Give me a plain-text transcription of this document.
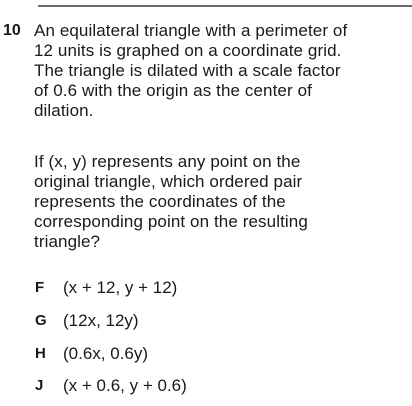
10 An equilateral triangle with a perimeter of
12 units is graphed on a coordinate grid.
The triangle is dilated with a scale factor
of 0.6 with the origin as the center of
dilation.
If (x, y) represents any point on the
original triangle, which ordered pair
represents the coordinates of the
corresponding point on the resulting
triangle?
F (x + 12, y + 12)
G (12x, 12y)
H (0.6x, 0.6y)
J (x + 0.6, y + 0.6)
